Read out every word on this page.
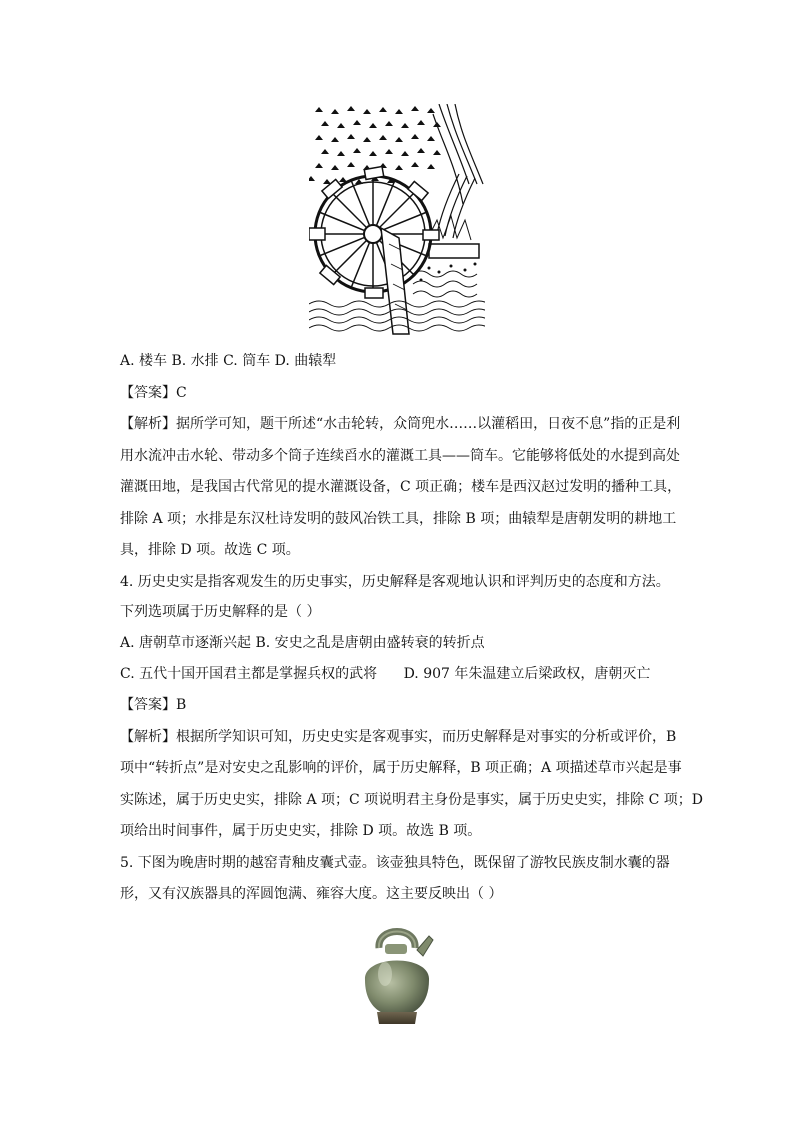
A. 楼车 B. 水排 C. 筒车 D. 曲辕犁
【答案】C
【解析】据所学可知，题干所述“水击轮转，众筒兜水……以灌稻田，日夜不息”指的正是利
用水流冲击水轮、带动多个筒子连续舀水的灌溉工具——筒车。它能够将低处的水提到高处
灌溉田地，是我国古代常见的提水灌溉设备，C 项正确；楼车是西汉赵过发明的播种工具，
排除 A 项；水排是东汉杜诗发明的鼓风冶铁工具，排除 B 项；曲辕犁是唐朝发明的耕地工
具，排除 D 项。故选 C 项。
4. 历史史实是指客观发生的历史事实，历史解释是客观地认识和评判历史的态度和方法。
下列选项属于历史解释的是（ ）
A. 唐朝草市逐渐兴起 B. 安史之乱是唐朝由盛转衰的转折点
C. 五代十国开国君主都是掌握兵权的武将 D. 907 年朱温建立后梁政权，唐朝灭亡
【答案】B
【解析】根据所学知识可知，历史史实是客观事实，而历史解释是对事实的分析或评价，B
项中“转折点”是对安史之乱影响的评价，属于历史解释，B 项正确；A 项描述草市兴起是事
实陈述，属于历史史实，排除 A 项；C 项说明君主身份是事实，属于历史史实，排除 C 项；D
项给出时间事件，属于历史史实，排除 D 项。故选 B 项。
5. 下图为晚唐时期的越窑青釉皮囊式壶。该壶独具特色，既保留了游牧民族皮制水囊的器
形，又有汉族器具的浑圆饱满、雍容大度。这主要反映出（ ）
